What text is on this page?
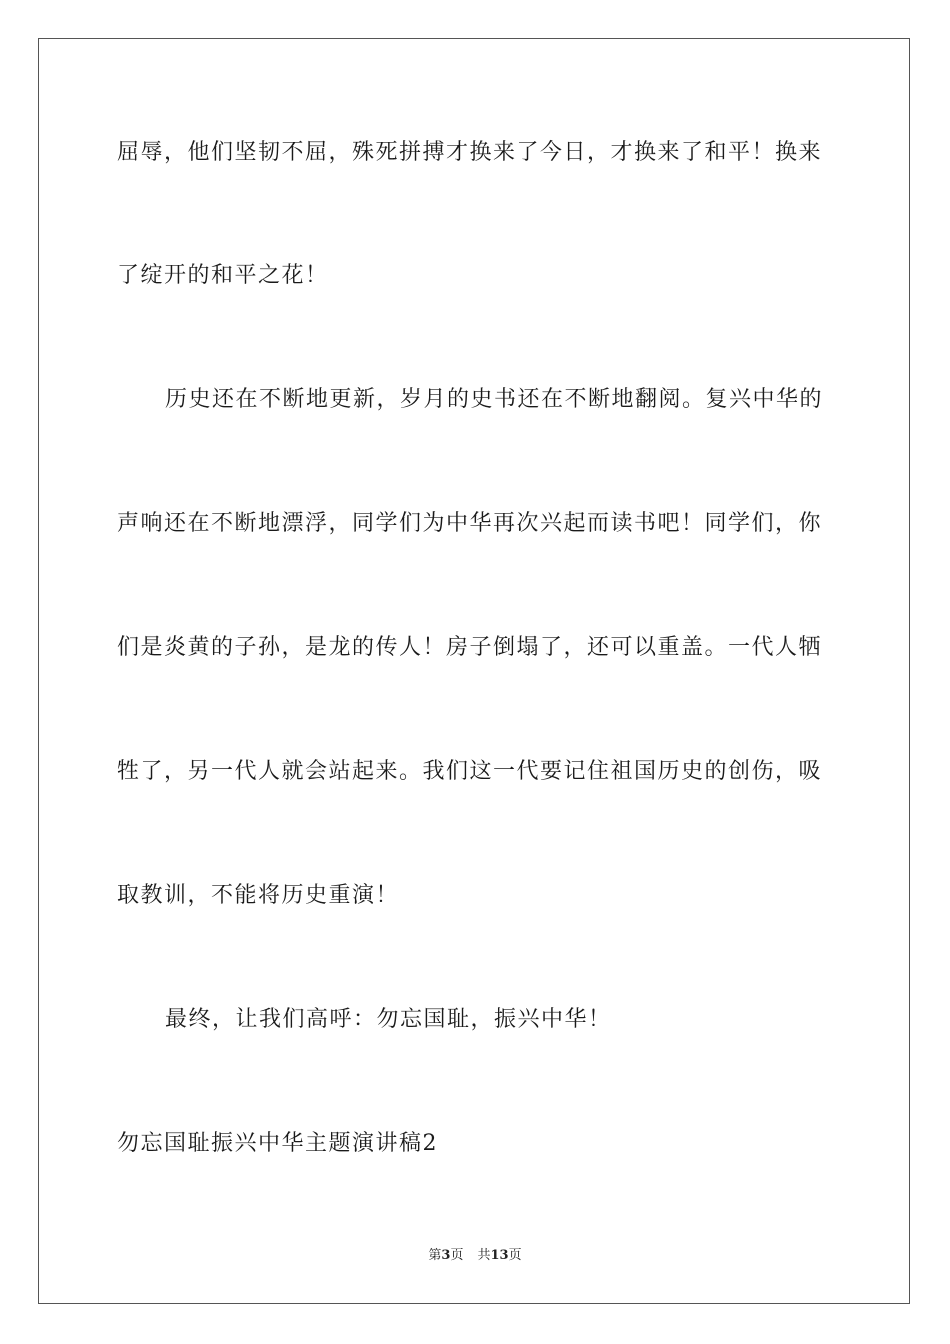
屈辱，他们坚韧不屈，殊死拼搏才换来了今日，才换来了和平！换来
了绽开的和平之花！
历史还在不断地更新，岁月的史书还在不断地翻阅。复兴中华的
声响还在不断地漂浮，同学们为中华再次兴起而读书吧！同学们，你
们是炎黄的子孙，是龙的传人！房子倒塌了，还可以重盖。一代人牺
牲了，另一代人就会站起来。我们这一代要记住祖国历史的创伤，吸
取教训，不能将历史重演！
最终，让我们高呼：勿忘国耻，振兴中华！
勿忘国耻振兴中华主题演讲稿2
第3页 共13页
